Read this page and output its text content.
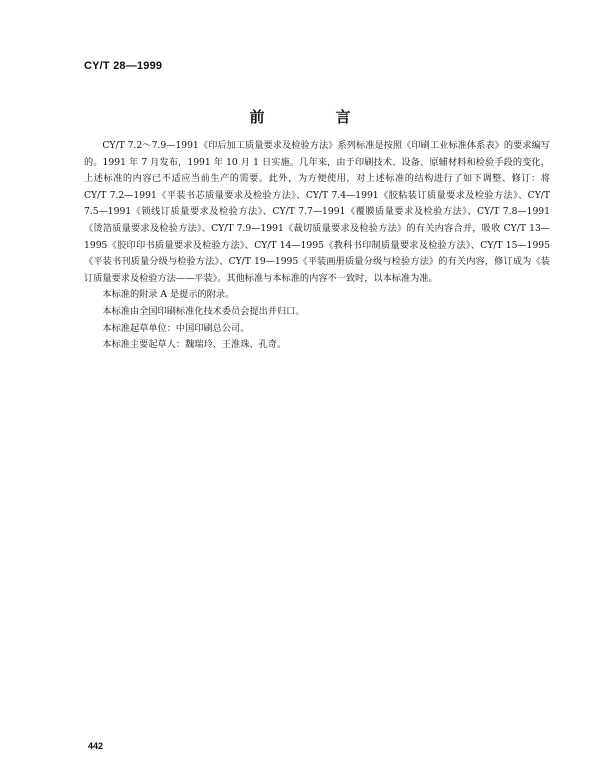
CY/T 28—1999
前　言

CY/T 7.2～7.9—1991《印后加工质量要求及检验方法》系列标准是按照《印刷工业标准体系表》的要求编写的。1991 年 7 月发布，1991 年 10 月 1 日实施。几年来，由于印刷技术、设备、原辅材料和检验手段的变化，上述标准的内容已不适应当前生产的需要。此外，为方便使用，对上述标准的结构进行了如下调整、修订：将 CY/T 7.2—1991《平装书芯质量要求及检验方法》、CY/T 7.4—1991《胶粘装订质量要求及检验方法》、CY/T 7.5—1991《锁线订质量要求及检验方法》、CY/T 7.7—1991《覆膜质量要求及检验方法》、CY/T 7.8—1991《烫箔质量要求及检验方法》、CY/T 7.9—1991《裁切质量要求及检验方法》的有关内容合并，吸收 CY/T 13—1995《胶印印书质量要求及检验方法》、CY/T 14—1995《教科书印制质量要求及检验方法》、CY/T 15—1995《平装书刊质量分级与检验方法》、CY/T 19—1995《平装画册质量分级与检验方法》的有关内容，修订成为《装订质量要求及检验方法——平装》。其他标准与本标准的内容不一致时，以本标准为准。

本标准的附录 A 是提示的附录。

本标准由全国印刷标准化技术委员会提出并归口。

本标准起草单位：中国印刷总公司。

本标准主要起草人：魏瑞玲、王淮珠、孔奇。

442
